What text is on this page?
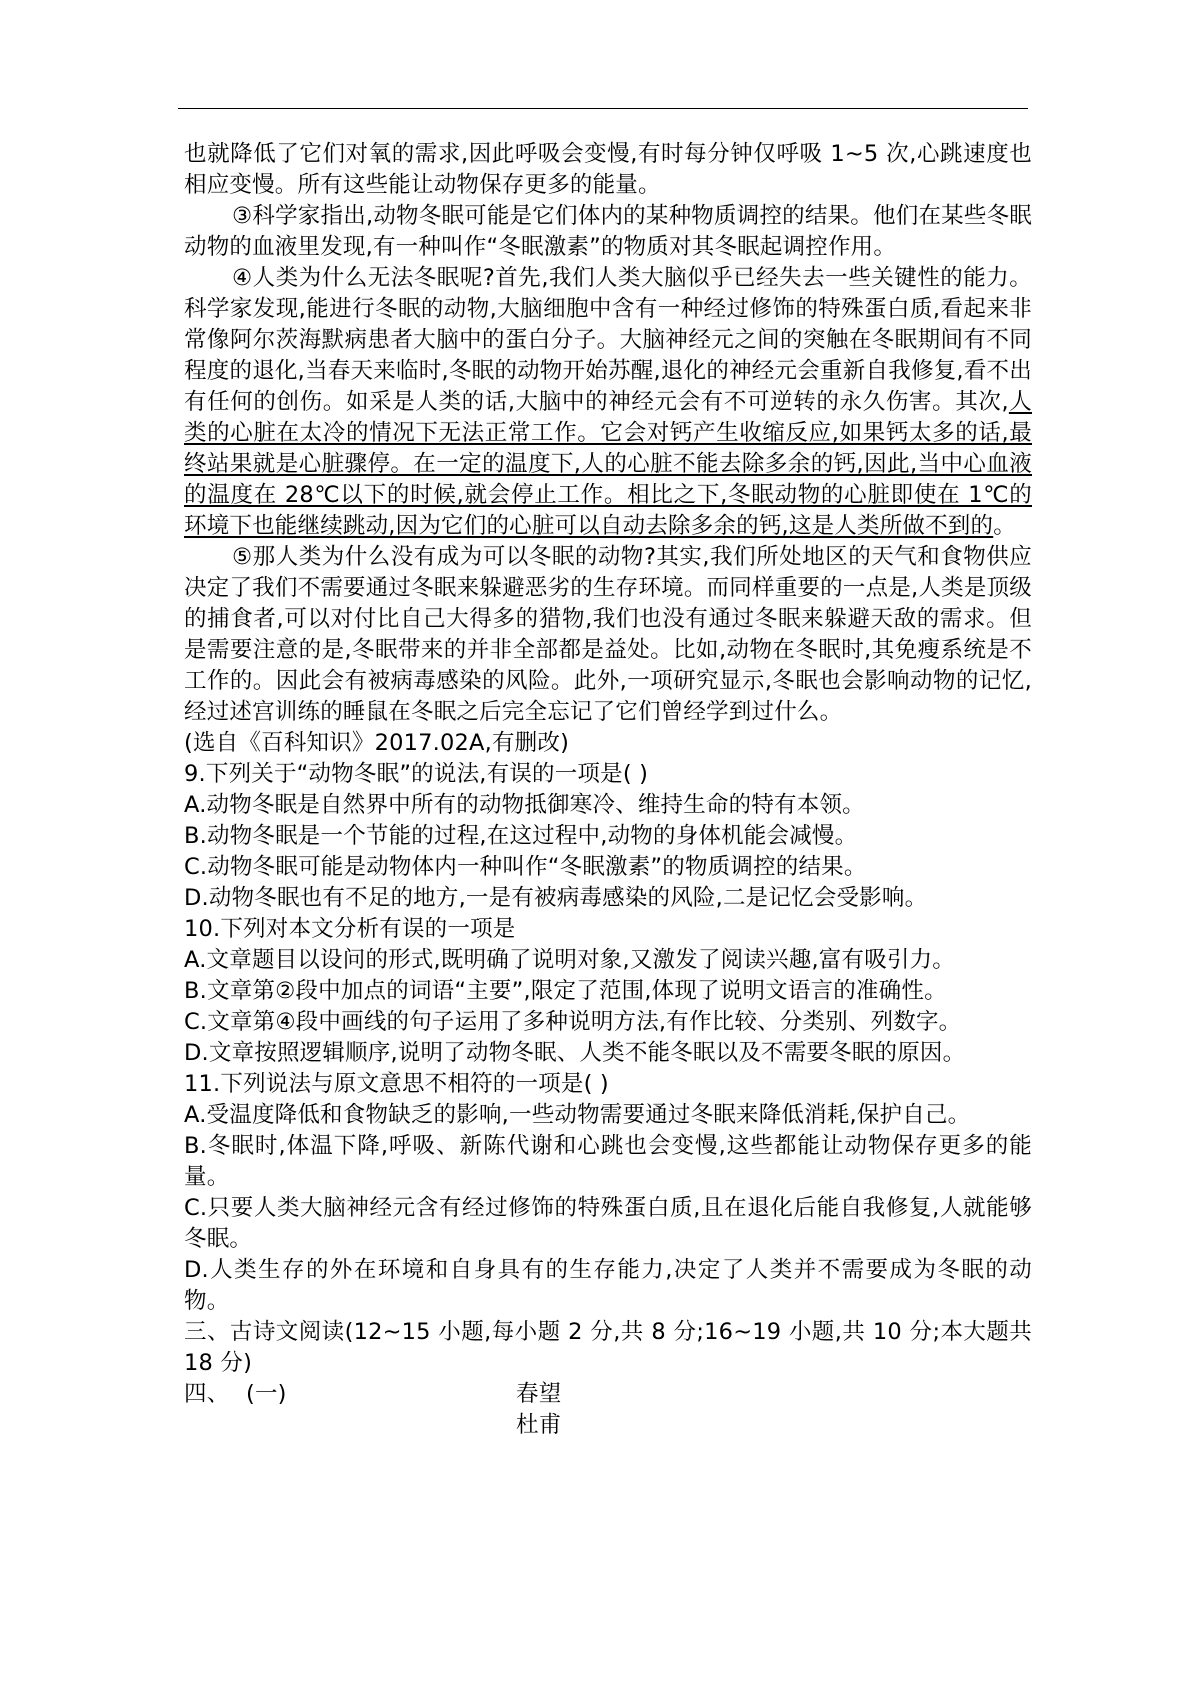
也就降低了它们对氧的需求,因此呼吸会变慢,有时每分钟仅呼吸 1~5 次,心跳速度也相应变慢。所有这些能让动物保存更多的能量。

③科学家指出,动物冬眠可能是它们体内的某种物质调控的结果。他们在某些冬眠动物的血液里发现,有一种叫作“冬眠激素”的物质对其冬眠起调控作用。

④人类为什么无法冬眠呢?首先,我们人类大脑似乎已经失去一些关键性的能力。科学家发现,能进行冬眠的动物,大脑细胞中含有一种经过修饰的特殊蛋白质,看起来非常像阿尔茨海默病患者大脑中的蛋白分子。大脑神经元之间的突触在冬眠期间有不同程度的退化,当春天来临时,冬眠的动物开始苏醒,退化的神经元会重新自我修复,看不出有任何的创伤。如采是人类的话,大脑中的神经元会有不可逆转的永久伤害。其次,人类的心脏在太冷的情况下无法正常工作。它会对钙产生收缩反应,如果钙太多的话,最终站果就是心脏骤停。在一定的温度下,人的心脏不能去除多余的钙,因此,当中心血液的温度在 28℃以下的时候,就会停止工作。相比之下,冬眠动物的心脏即使在 1℃的环境下也能继续跳动,因为它们的心脏可以自动去除多余的钙,这是人类所做不到的。

⑤那人类为什么没有成为可以冬眠的动物?其实,我们所处地区的天气和食物供应决定了我们不需要通过冬眠来躲避恶劣的生存环境。而同样重要的一点是,人类是顶级的捕食者,可以对付比自己大得多的猎物,我们也没有通过冬眠来躲避天敌的需求。但是需要注意的是,冬眠带来的并非全部都是益处。比如,动物在冬眠时,其免瘦系统是不工作的。因此会有被病毒感染的风险。此外,一项研究显示,冬眠也会影响动物的记忆,经过述宫训练的睡鼠在冬眠之后完全忘记了它们曾经学到过什么。

(选自《百科知识》2017.02A,有删改)

9.下列关于“动物冬眠”的说法,有误的一项是( )

A.动物冬眠是自然界中所有的动物抵御寒冷、维持生命的特有本领。

B.动物冬眠是一个节能的过程,在这过程中,动物的身体机能会减慢。

C.动物冬眠可能是动物体内一种叫作“冬眠激素”的物质调控的结果。

D.动物冬眠也有不足的地方,一是有被病毒感染的风险,二是记忆会受影响。

10.下列对本文分析有误的一项是

A.文章题目以设问的形式,既明确了说明对象,又激发了阅读兴趣,富有吸引力。

B.文章第②段中加点的词语“主要”,限定了范围,体现了说明文语言的准确性。

C.文章第④段中画线的句子运用了多种说明方法,有作比较、分类别、列数字。

D.文章按照逻辑顺序,说明了动物冬眠、人类不能冬眠以及不需要冬眠的原因。

11.下列说法与原文意思不相符的一项是( )

A.受温度降低和食物缺乏的影响,一些动物需要通过冬眠来降低消耗,保护自己。

B.冬眠时,体温下降,呼吸、新陈代谢和心跳也会变慢,这些都能让动物保存更多的能量。

C.只要人类大脑神经元含有经过修饰的特殊蛋白质,且在退化后能自我修复,人就能够冬眠。

D.人类生存的外在环境和自身具有的生存能力,决定了人类并不需要成为冬眠的动物。

三、古诗文阅读(12~15 小题,每小题 2 分,共 8 分;16~19 小题,共 10 分;本大题共 18 分)

四、 (一)	春望
杜甫
